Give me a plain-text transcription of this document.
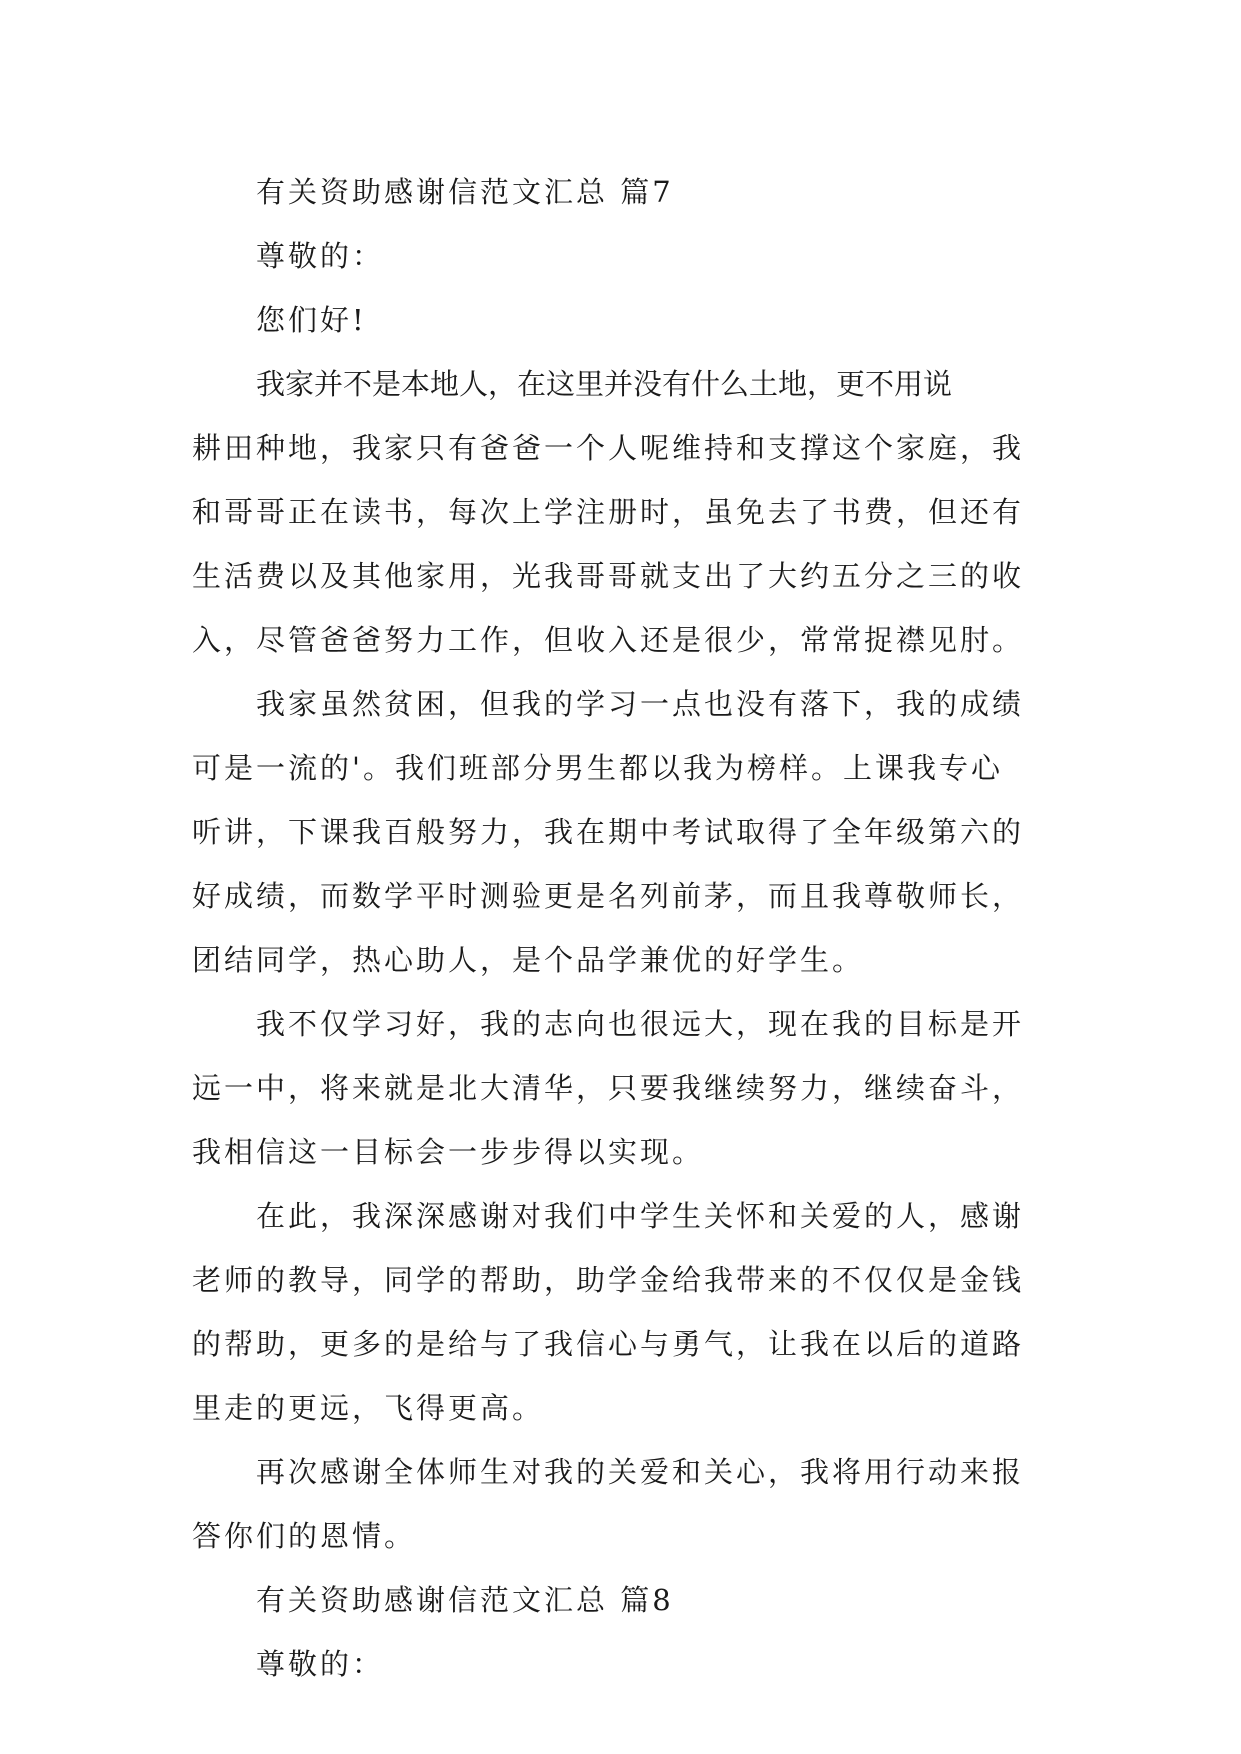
有关资助感谢信范文汇总 篇7

尊敬的：

您们好!

我家并不是本地人，在这里并没有什么土地，更不用说

耕田种地，我家只有爸爸一个人呢维持和支撑这个家庭，我

和哥哥正在读书，每次上学注册时，虽免去了书费，但还有

生活费以及其他家用，光我哥哥就支出了大约五分之三的收

入，尽管爸爸努力工作，但收入还是很少，常常捉襟见肘。

我家虽然贫困，但我的学习一点也没有落下，我的成绩

可是一流的'。我们班部分男生都以我为榜样。上课我专心

听讲，下课我百般努力，我在期中考试取得了全年级第六的

好成绩，而数学平时测验更是名列前茅，而且我尊敬师长，

团结同学，热心助人，是个品学兼优的好学生。

我不仅学习好，我的志向也很远大，现在我的目标是开

远一中，将来就是北大清华，只要我继续努力，继续奋斗，

我相信这一目标会一步步得以实现。

在此，我深深感谢对我们中学生关怀和关爱的人，感谢

老师的教导，同学的帮助，助学金给我带来的不仅仅是金钱

的帮助，更多的是给与了我信心与勇气，让我在以后的道路

里走的更远，飞得更高。

再次感谢全体师生对我的关爱和关心，我将用行动来报

答你们的恩情。

有关资助感谢信范文汇总 篇8

尊敬的：
